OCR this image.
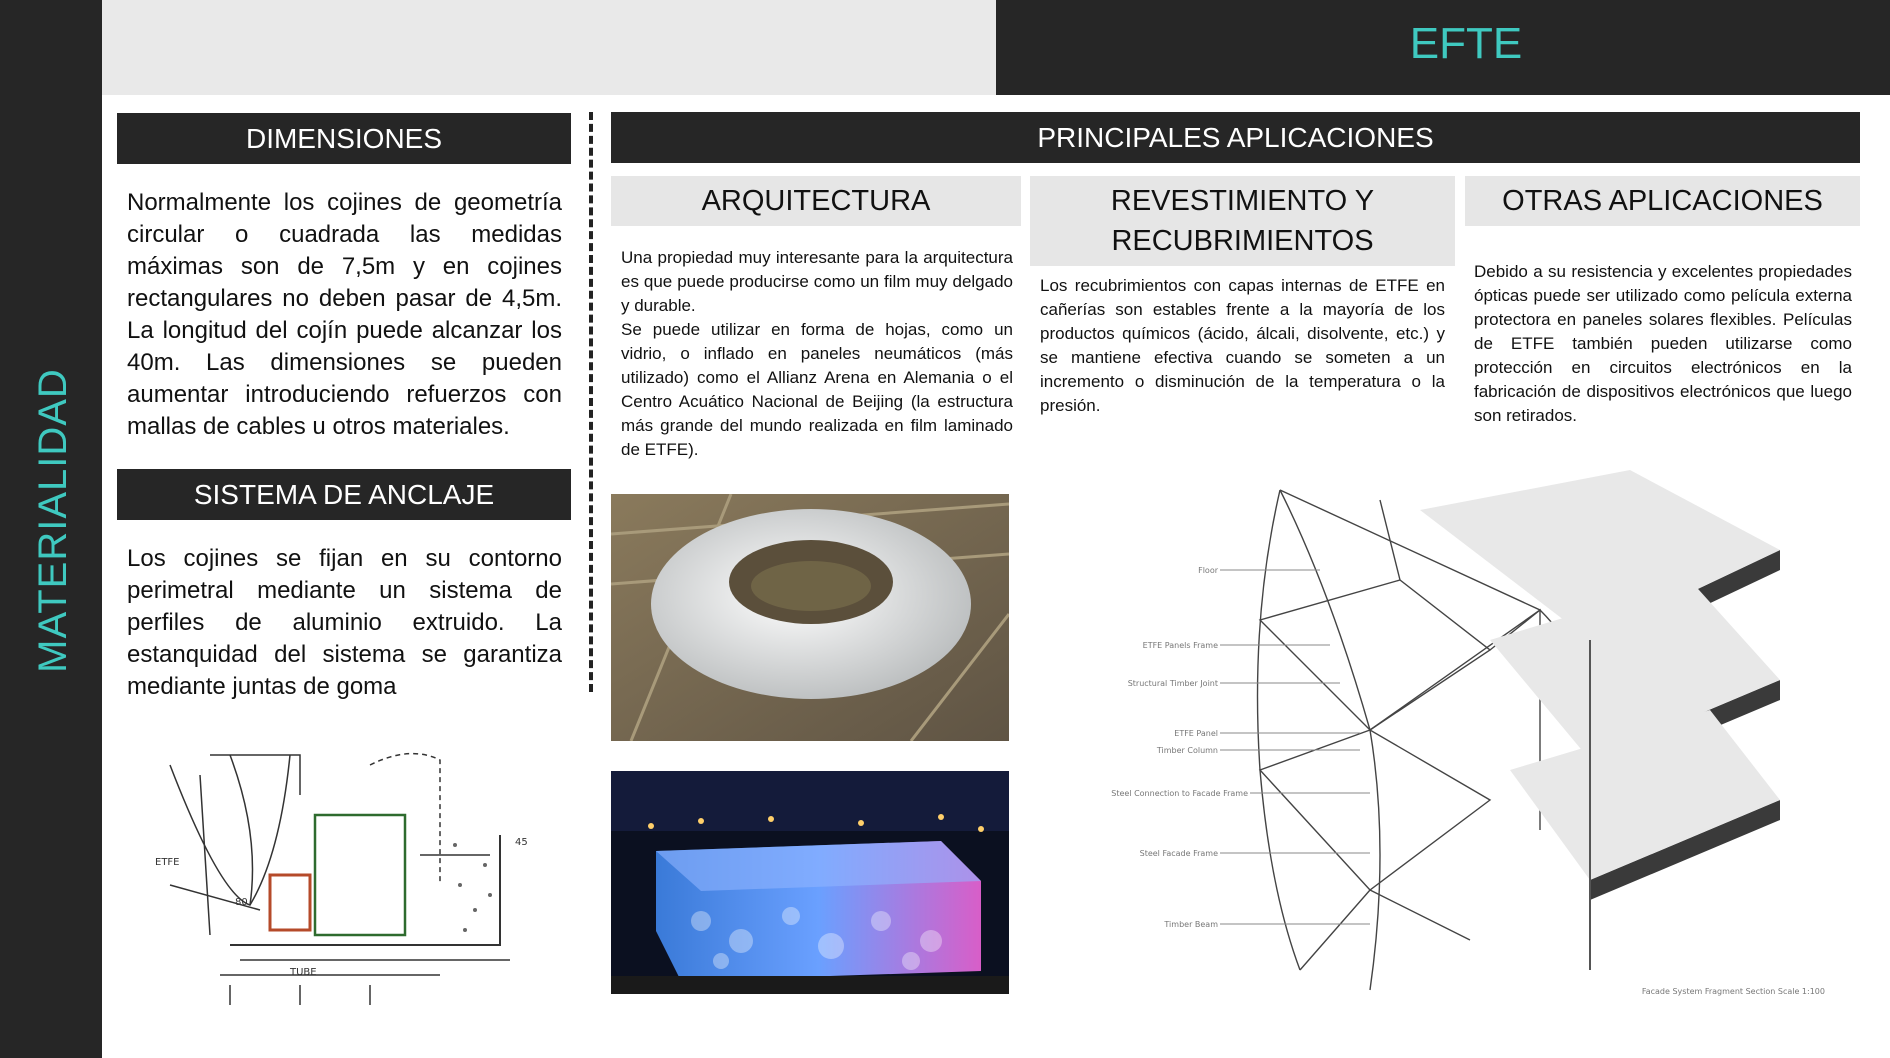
MATERIALIDAD
EFTE
DIMENSIONES
Normalmente los cojines de geometría circular o cuadrada las medidas máximas son de 7,5m y en cojines rectangulares no deben pasar de 4,5m. La longitud del cojín puede alcanzar los 40m. Las dimensiones se pueden aumentar introduciendo refuerzos con mallas de cables u otros materiales.
SISTEMA DE ANCLAJE
Los cojines se fijan en su contorno perimetral mediante un sistema de perfiles de aluminio extruido. La estanquidad del sistema se garantiza mediante juntas de goma
ETFE
TUBE
80
45
PRINCIPALES APLICACIONES
ARQUITECTURA
Una propiedad muy interesante para la arquitectura es que puede producirse como un film muy delgado y durable.
Se puede utilizar en forma de hojas, como un vidrio, o inflado en paneles neumáticos (más utilizado) como el Allianz Arena en Alemania o el Centro Acuático Nacional de Beijing (la estructura más grande del mundo realizada en film laminado de ETFE).
REVESTIMIENTO Y
RECUBRIMIENTOS
Los recubrimientos con capas internas de ETFE en cañerías son estables frente a la mayoría de los productos químicos (ácido, álcali, disolvente, etc.) y se mantiene efectiva cuando se someten a un incremento o disminución de la temperatura o la presión.
OTRAS APLICACIONES
Debido a su resistencia y excelentes propiedades ópticas puede ser utilizado como película externa protectora en paneles solares flexibles. Películas de ETFE también pueden utilizarse como protección en circuitos electrónicos en la fabricación de dispositivos electrónicos que luego son retirados.
Floor
ETFE Panels Frame
Structural Timber Joint
ETFE Panel
Timber Column
Steel Connection to Facade Frame
Steel Facade Frame
Timber Beam
Facade System Fragment Section Scale 1:100
